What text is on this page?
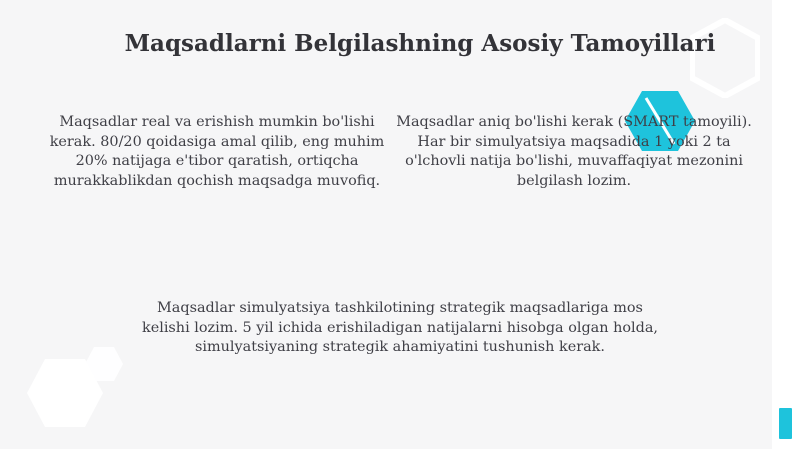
Maqsadlarni Belgilashning Asosiy Tamoyillari
Maqsadlar real va erishish mumkin bo'lishi kerak. 80/20 qoidasiga amal qilib, eng muhim 20% natijaga e'tibor qaratish, ortiqcha murakkablikdan qochish maqsadga muvofiq.
Maqsadlar aniq bo'lishi kerak (SMART tamoyili). Har bir simulyatsiya maqsadida 1 yoki 2 ta o'lchovli natija bo'lishi, muvaffaqiyat mezonini belgilash lozim.
Maqsadlar simulyatsiya tashkilotining strategik maqsadlariga mos kelishi lozim. 5 yil ichida erishiladigan natijalarni hisobga olgan holda, simulyatsiyaning strategik ahamiyatini tushunish kerak.
